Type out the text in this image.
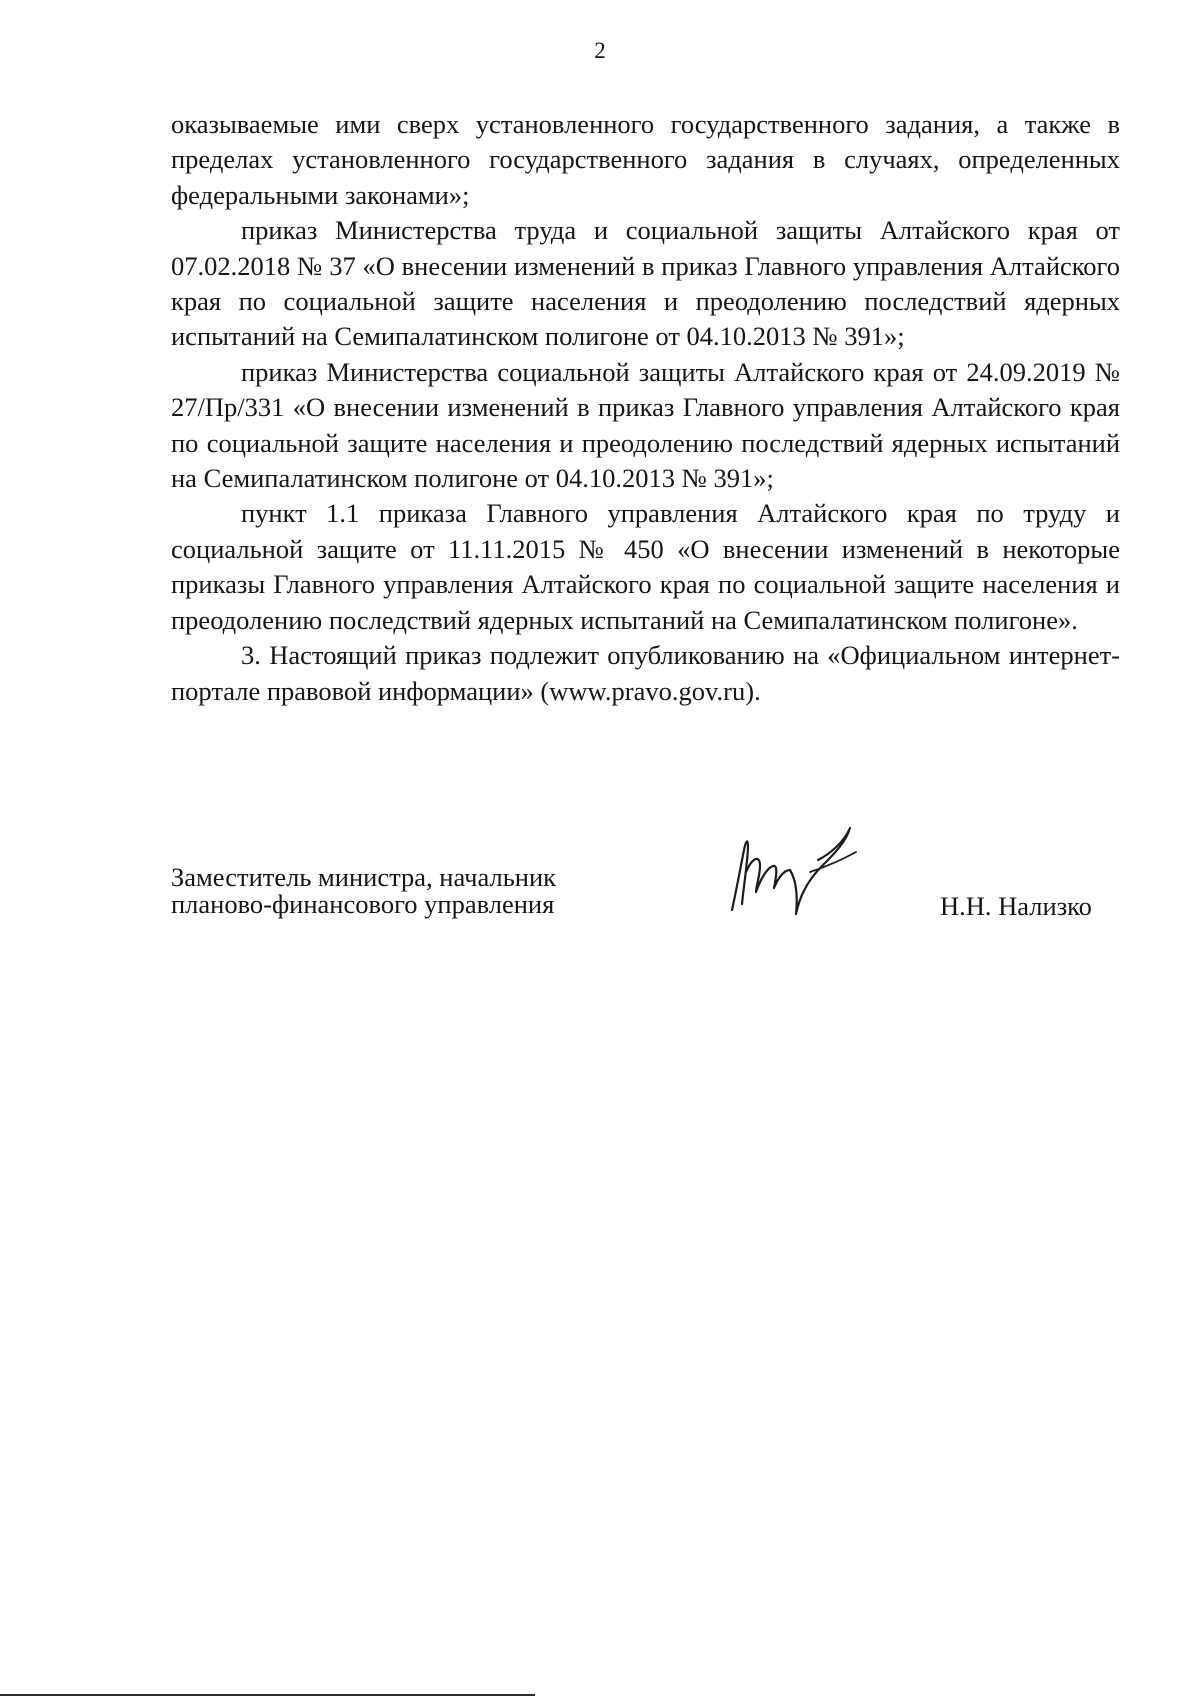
2

оказываемые ими сверх установленного государственного задания, а также в пределах установленного государственного задания в случаях, определенных федеральными законами»;

приказ Министерства труда и социальной защиты Алтайского края от 07.02.2018 № 37 «О внесении изменений в приказ Главного управления Алтайского края по социальной защите населения и преодолению последствий ядерных испытаний на Семипалатинском полигоне от 04.10.2013 № 391»;

приказ Министерства социальной защиты Алтайского края от 24.09.2019 № 27/Пр/331 «О внесении изменений в приказ Главного управления Алтайского края по социальной защите населения и преодолению последствий ядерных испытаний на Семипалатинском полигоне от 04.10.2013 № 391»;

пункт 1.1 приказа Главного управления Алтайского края по труду и социальной защите от 11.11.2015 № 450 «О внесении изменений в некоторые приказы Главного управления Алтайского края по социальной защите населения и преодолению последствий ядерных испытаний на Семипалатинском полигоне».

3. Настоящий приказ подлежит опубликованию на «Официальном интернет-портале правовой информации» (www.pravo.gov.ru).

Заместитель министра, начальник
планово-финансового управления	Н.Н. Нализко
